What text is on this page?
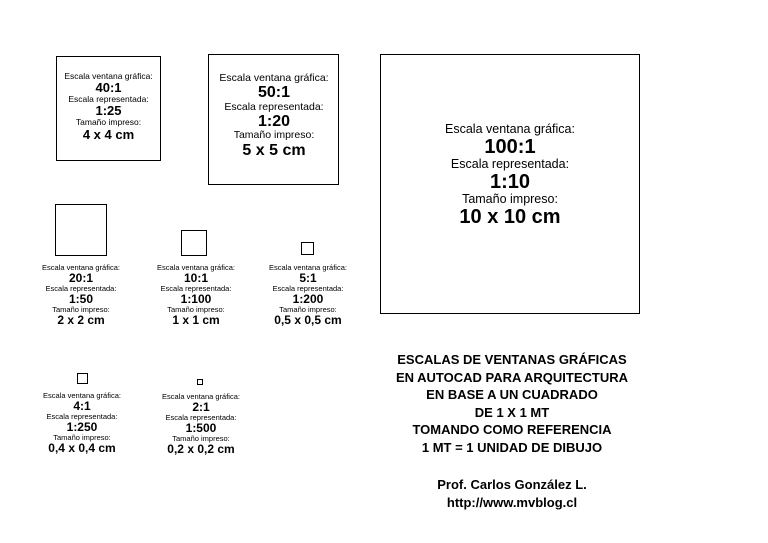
Escala ventana gráfica:
40:1
Escala representada:
1:25
Tamaño impreso:
4 x 4 cm
Escala ventana gráfica:
50:1
Escala representada:
1:20
Tamaño impreso:
5 x 5 cm
Escala ventana gráfica:
100:1
Escala representada:
1:10
Tamaño impreso:
10 x 10 cm
Escala ventana gráfica:
20:1
Escala representada:
1:50
Tamaño impreso:
2 x 2 cm
Escala ventana gráfica:
10:1
Escala representada:
1:100
Tamaño impreso:
1 x 1 cm
Escala ventana gráfica:
5:1
Escala representada:
1:200
Tamaño impreso:
0,5 x 0,5 cm
Escala ventana gráfica:
4:1
Escala representada:
1:250
Tamaño impreso:
0,4 x 0,4 cm
Escala ventana gráfica:
2:1
Escala representada:
1:500
Tamaño impreso:
0,2 x 0,2 cm
ESCALAS DE VENTANAS GRÁFICAS
EN AUTOCAD PARA ARQUITECTURA
EN BASE A UN CUADRADO
DE 1 X 1 MT
TOMANDO COMO REFERENCIA
1 MT = 1 UNIDAD DE DIBUJO
Prof. Carlos González L.
http://www.mvblog.cl
